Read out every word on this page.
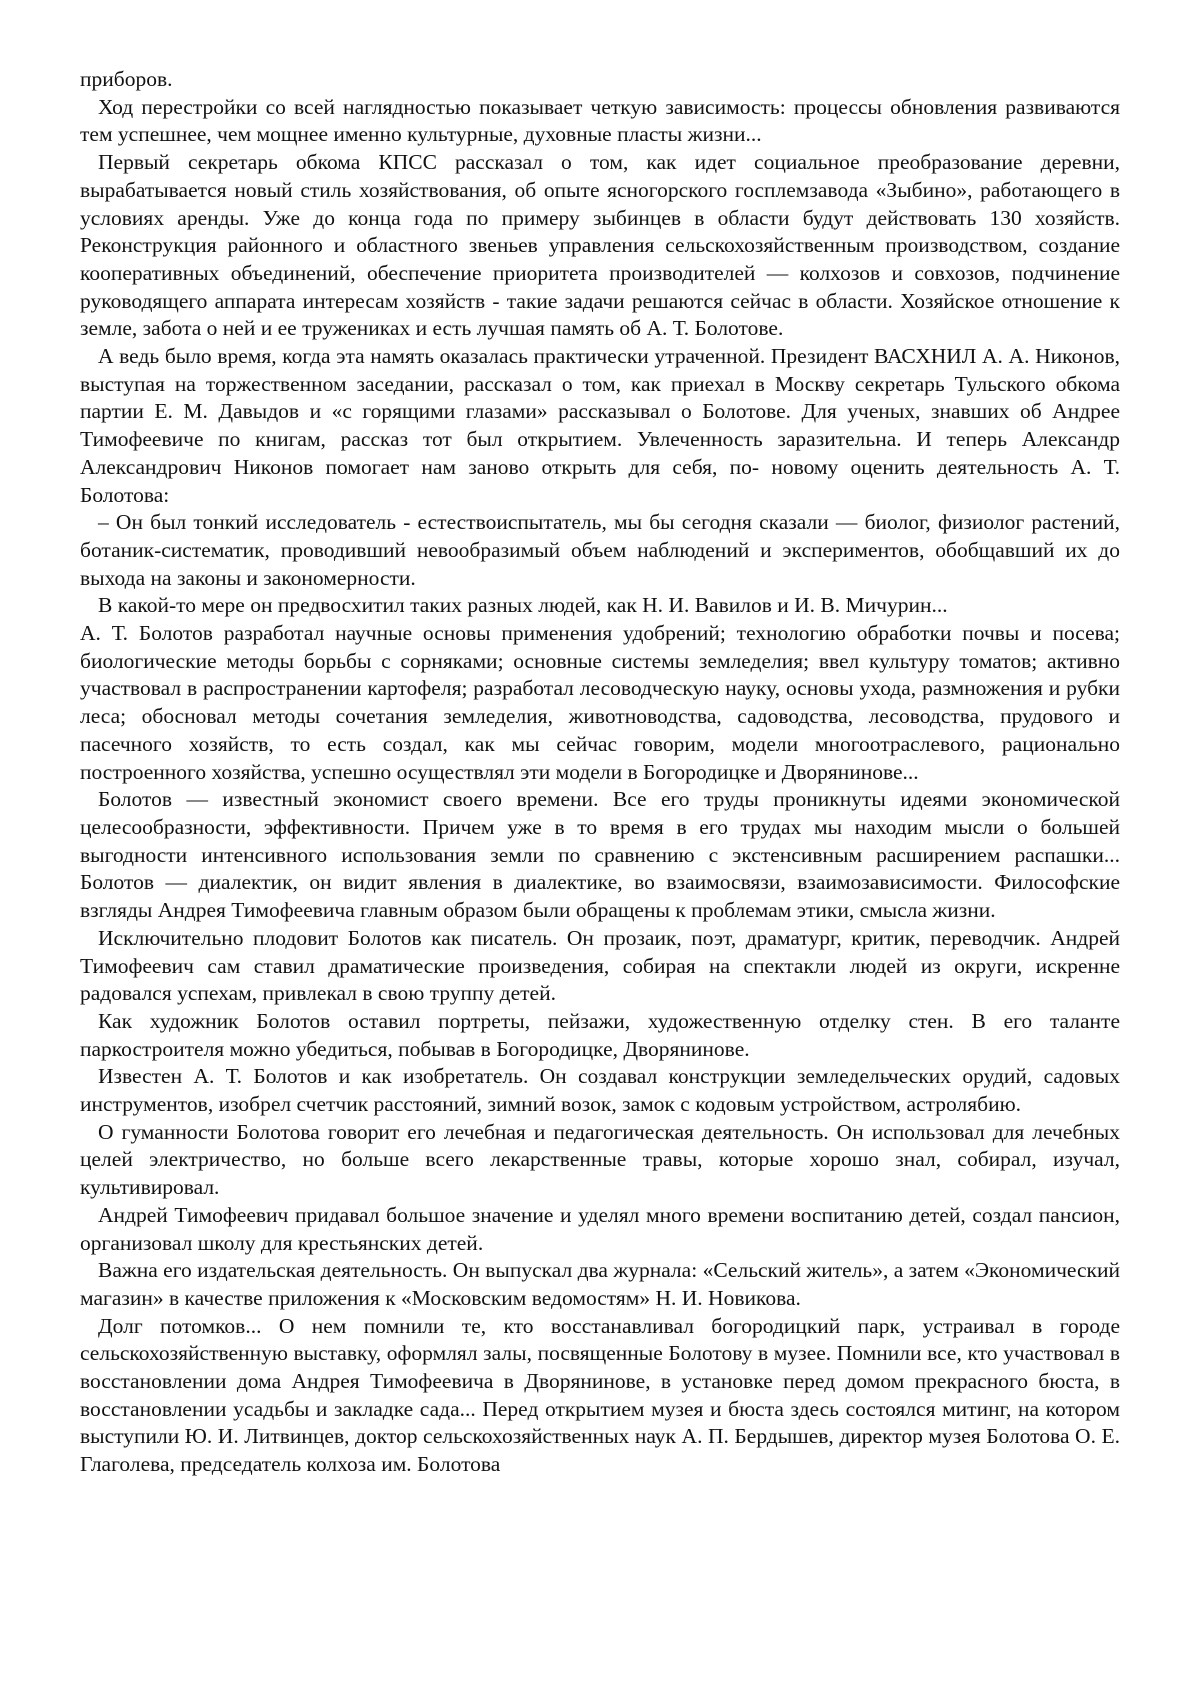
приборов.

Ход перестройки со всей наглядностью показывает четкую зависимость: процессы обновления развиваются тем успешнее, чем мощнее именно культурные, духовные пласты жизни...

Первый секретарь обкома КПСС рассказал о том, как идет социальное преобразование деревни, вырабатывается новый стиль хозяйствования, об опыте ясногорского госплемзавода «Зыбино», работающего в условиях аренды. Уже до конца года по примеру зыбинцев в области будут действовать 130 хозяйств. Реконструкция районного и областного звеньев управления сельскохозяйственным производством, создание кооперативных объединений, обеспечение приоритета производителей — колхозов и совхозов, подчинение руководящего аппарата интересам хозяйств - такие задачи решаются сейчас в области. Хозяйское отношение к земле, забота о ней и ее тружениках и есть лучшая память об А. Т. Болотове.

А ведь было время, когда эта намять оказалась практически утраченной. Президент ВАСХНИЛ А. А. Никонов, выступая на торжественном заседании, рассказал о том, как приехал в Москву секретарь Тульского обкома партии Е. М. Давыдов и «с горящими глазами» рассказывал о Болотове. Для ученых, знавших об Андрее Тимофеевиче по книгам, рассказ тот был открытием. Увлеченность заразительна. И теперь Александр Александрович Никонов помогает нам заново открыть для себя, по- новому оценить деятельность А. Т. Болотова:

– Он был тонкий исследователь - естествоиспытатель, мы бы сегодня сказали — биолог, физиолог растений, ботаник-систематик, проводивший невообразимый объем наблюдений и экспериментов, обобщавший их до выхода на законы и закономерности.

В какой-то мере он предвосхитил таких разных людей, как Н. И. Вавилов и И. В. Мичурин...

А. Т. Болотов разработал научные основы применения удобрений; технологию обработки почвы и посева; биологические методы борьбы с сорняками; основные системы земледелия; ввел культуру томатов; активно участвовал в распространении картофеля; разработал лесоводческую науку, основы ухода, размножения и рубки леса; обосновал методы сочетания земледелия, животноводства, садоводства, лесоводства, прудового и пасечного хозяйств, то есть создал, как мы сейчас говорим, модели многоотраслевого, рационально построенного хозяйства, успешно осуществлял эти модели в Богородицке и Дворянинове...

Болотов — известный экономист своего времени. Все его труды проникнуты идеями экономической целесообразности, эффективности. Причем уже в то время в его трудах мы находим мысли о большей выгодности интенсивного использования земли по сравнению с экстенсивным расширением распашки... Болотов — диалектик, он видит явления в диалектике, во взаимосвязи, взаимозависимости. Философские взгляды Андрея Тимофеевича главным образом были обращены к проблемам этики, смысла жизни.

Исключительно плодовит Болотов как писатель. Он прозаик, поэт, драматург, критик, переводчик. Андрей Тимофеевич сам ставил драматические произведения, собирая на спектакли людей из округи, искренне радовался успехам, привлекал в свою труппу детей.

Как художник Болотов оставил портреты, пейзажи, художественную отделку стен. В его таланте паркостроителя можно убедиться, побывав в Богородицке, Дворянинове.

Известен А. Т. Болотов и как изобретатель. Он создавал конструкции земледельческих орудий, садовых инструментов, изобрел счетчик расстояний, зимний возок, замок с кодовым устройством, астролябию.

О гуманности Болотова говорит его лечебная и педагогическая деятельность. Он использовал для лечебных целей электричество, но больше всего лекарственные травы, которые хорошо знал, собирал, изучал, культивировал.

Андрей Тимофеевич придавал большое значение и уделял много времени воспитанию детей, создал пансион, организовал школу для крестьянских детей.

Важна его издательская деятельность. Он выпускал два журнала: «Сельский житель», а затем «Экономический магазин» в качестве приложения к «Московским ведомостям» Н. И. Новикова.

Долг потомков... О нем помнили те, кто восстанавливал богородицкий парк, устраивал в городе сельскохозяйственную выставку, оформлял залы, посвященные Болотову в музее. Помнили все, кто участвовал в восстановлении дома Андрея Тимофеевича в Дворянинове, в установке перед домом прекрасного бюста, в восстановлении усадьбы и закладке сада... Перед открытием музея и бюста здесь состоялся митинг, на котором выступили Ю. И. Литвинцев, доктор сельскохозяйственных наук А. П. Бердышев, директор музея Болотова О. Е. Глаголева, председатель колхоза им. Болотова
